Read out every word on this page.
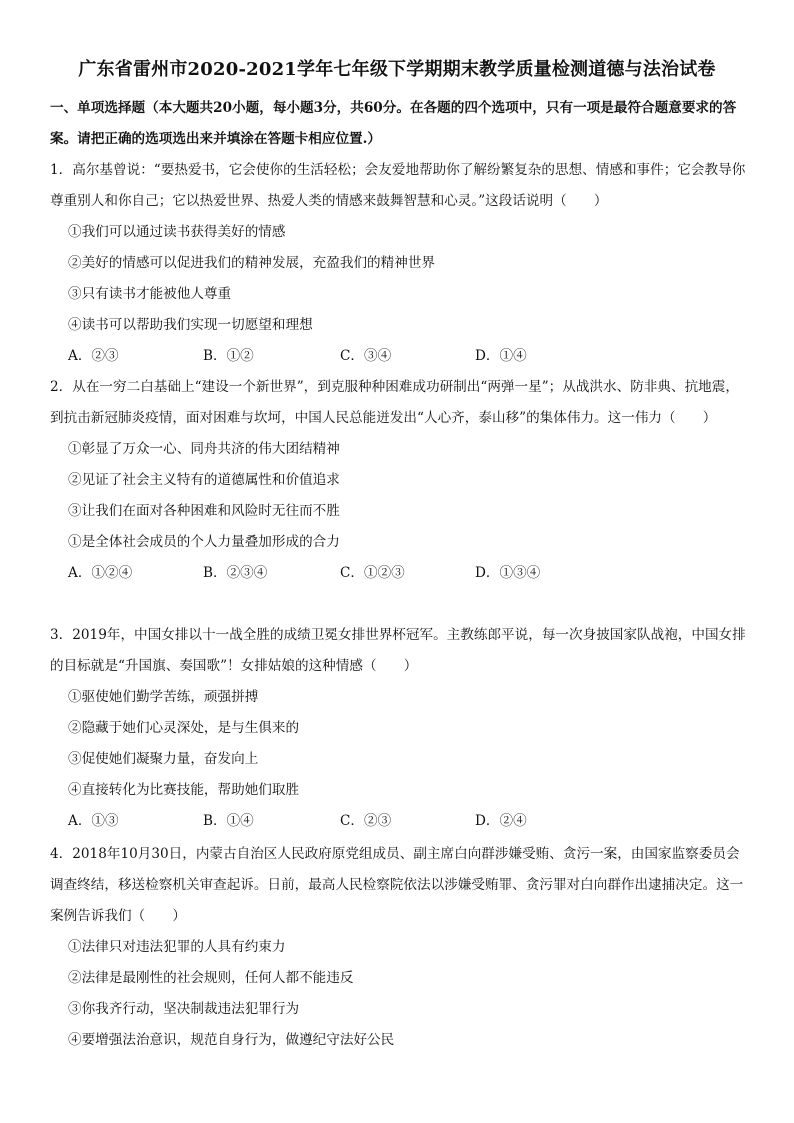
广东省雷州市2020-2021学年七年级下学期期末教学质量检测道德与法治试卷
一、单项选择题（本大题共20小题，每小题3分，共60分。在各题的四个选项中，只有一项是最符合题意要求的答案。请把正确的选项选出来并填涂在答题卡相应位置.）
1．高尔基曾说：“要热爱书，它会使你的生活轻松；会友爱地帮助你了解纷繁复杂的思想、情感和事件；它会教导你尊重别人和你自己；它以热爱世界、热爱人类的情感来鼓舞智慧和心灵。”这段话说明（　　）
①我们可以通过读书获得美好的情感
②美好的情感可以促进我们的精神发展，充盈我们的精神世界
③只有读书才能被他人尊重
④读书可以帮助我们实现一切愿望和理想
A．②③	B．①②	C．③④	D．①④
2．从在一穷二白基础上“建设一个新世界”，到克服种种困难成功研制出“两弹一星”；从战洪水、防非典、抗地震，到抗击新冠肺炎疫情，面对困难与坎坷，中国人民总能迸发出“人心齐，泰山移”的集体伟力。这一伟力（　　）
①彰显了万众一心、同舟共济的伟大团结精神
②见证了社会主义特有的道德属性和价值追求
③让我们在面对各种困难和风险时无往而不胜
①是全体社会成员的个人力量叠加形成的合力
A．①②④	B．②③④	C．①②③	D．①③④
3．2019年，中国女排以十一战全胜的成绩卫冕女排世界杯冠军。主教练郎平说，每一次身披国家队战袍，中国女排的目标就是“升国旗、奏国歌”！女排姑娘的这种情感（　　）
①驱使她们勤学苦练，顽强拼搏
②隐藏于她们心灵深处，是与生俱来的
③促使她们凝聚力量，奋发向上
④直接转化为比赛技能，帮助她们取胜
A．①③	B．①④	C．②③	D．②④
4．2018年10月30日，内蒙古自治区人民政府原党组成员、副主席白向群涉嫌受贿、贪污一案，由国家监察委员会调查终结，移送检察机关审查起诉。日前，最高人民检察院依法以涉嫌受贿罪、贪污罪对白向群作出逮捕决定。这一案例告诉我们（　　）
①法律只对违法犯罪的人具有约束力
②法律是最刚性的社会规则，任何人都不能违反
③你我齐行动，坚决制裁违法犯罪行为
④要增强法治意识，规范自身行为，做遵纪守法好公民
